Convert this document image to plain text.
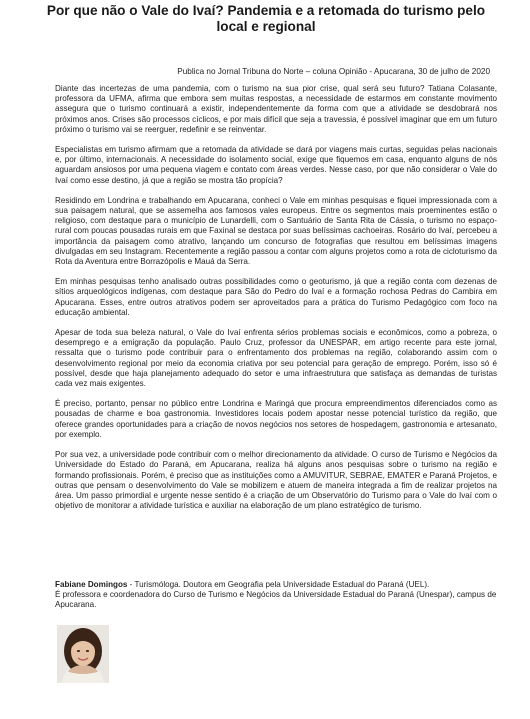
Por que não o Vale do Ivaí? Pandemia e a retomada do turismo pelo local e regional
Publica no Jornal Tribuna do Norte – coluna Opinião - Apucarana, 30 de julho de 2020

Diante das incertezas de uma pandemia, com o turismo na sua pior crise, qual será seu futuro? Tatiana Colasante, professora da UFMA, afirma que embora sem muitas respostas, a necessidade de estarmos em constante movimento assegura que o turismo continuará a existir, independentemente da forma com que a atividade se desdobrará nos próximos anos. Crises são processos cíclicos, e por mais difícil que seja a travessia, é possível imaginar que em um futuro próximo o turismo vai se reerguer, redefinir e se reinventar.

Especialistas em turismo afirmam que a retomada da atividade se dará por viagens mais curtas, seguidas pelas nacionais e, por último, internacionais. A necessidade do isolamento social, exige que fiquemos em casa, enquanto alguns de nós aguardam ansiosos por uma pequena viagem e contato com áreas verdes. Nesse caso, por que não considerar o Vale do Ivaí como esse destino, já que a região se mostra tão propícia?

Residindo em Londrina e trabalhando em Apucarana, conheci o Vale em minhas pesquisas e fiquei impressionada com a sua paisagem natural, que se assemelha aos famosos vales europeus. Entre os segmentos mais proeminentes estão o religioso, com destaque para o município de Lunardelli, com o Santuário de Santa Rita de Cássia, o turismo no espaço-rural com poucas pousadas rurais em que Faxinal se destaca por suas belíssimas cachoeiras. Rosário do Ivaí, percebeu a importância da paisagem como atrativo, lançando um concurso de fotografias que resultou em belíssimas imagens divulgadas em seu Instagram. Recentemente a região passou a contar com alguns projetos como a rota de cicloturismo da Rota da Aventura entre Borrazópolis e Mauá da Serra.

Em minhas pesquisas tenho analisado outras possibilidades como o geoturismo, já que a região conta com dezenas de sítios arqueológicos indígenas, com destaque para São do Pedro do Ivaí e a formação rochosa Pedras do Cambira em Apucarana. Esses, entre outros atrativos podem ser aproveitados para a prática do Turismo Pedagógico com foco na educação ambiental.

Apesar de toda sua beleza natural, o Vale do Ivaí enfrenta sérios problemas sociais e econômicos, como a pobreza, o desemprego e a emigração da população. Paulo Cruz, professor da UNESPAR, em artigo recente para este jornal, ressalta que o turismo pode contribuir para o enfrentamento dos problemas na região, colaborando assim com o desenvolvimento regional por meio da economia criativa por seu potencial para geração de emprego. Porém, isso só é possível, desde que haja planejamento adequado do setor e uma infraestrutura que satisfaça as demandas de turistas cada vez mais exigentes.

É preciso, portanto, pensar no público entre Londrina e Maringá que procura empreendimentos diferenciados como as pousadas de charme e boa gastronomia. Investidores locais podem apostar nesse potencial turístico da região, que oferece grandes oportunidades para a criação de novos negócios nos setores de hospedagem, gastronomia e artesanato, por exemplo.

Por sua vez, a universidade pode contribuir com o melhor direcionamento da atividade. O curso de Turismo e Negócios da Universidade do Estado do Paraná, em Apucarana, realiza há alguns anos pesquisas sobre o turismo na região e formando profissionais. Porém, é preciso que as instituições como a AMUVITUR, SEBRAE, EMATER e Paraná Projetos, e outras que pensam o desenvolvimento do Vale se mobilizem e atuem de maneira integrada a fim de realizar projetos na área. Um passo primordial e urgente nesse sentido é a criação de um Observatório do Turismo para o Vale do Ivaí com o objetivo de monitorar a atividade turística e auxiliar na elaboração de um plano estratégico de turismo.

Fabiane Domingos - Turismóloga. Doutora em Geografia pela Universidade Estadual do Paraná (UEL).
É professora e coordenadora do Curso de Turismo e Negócios da Universidade Estadual do Paraná (Unespar), campus de Apucarana.
